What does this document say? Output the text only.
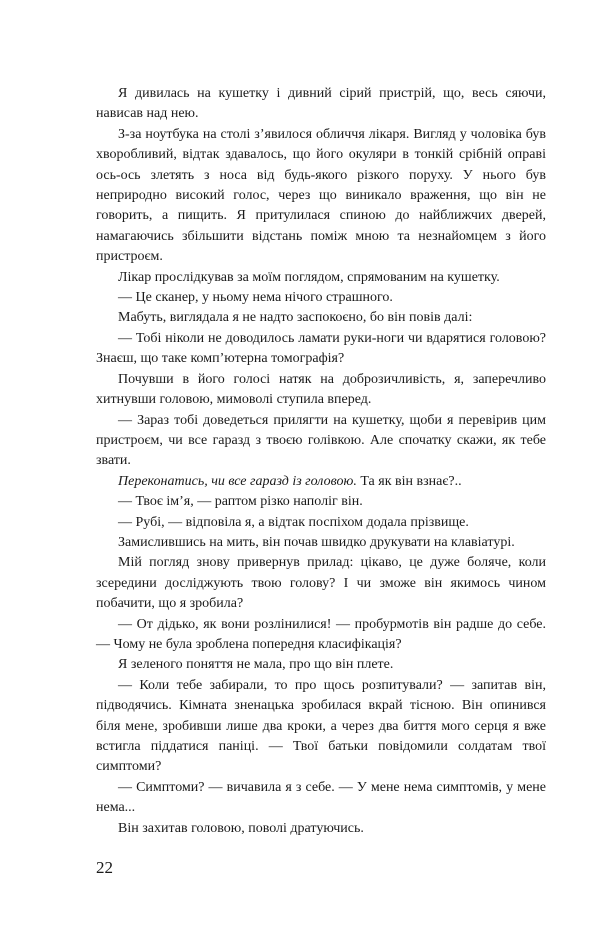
Я дивилась на кушетку і дивний сірий пристрій, що, весь сяючи, нависав над нею.

З-за ноутбука на столі з’явилося обличчя лікаря. Вигляд у чоловіка був хворобливий, відтак здавалось, що його окуляри в тонкій срібній оправі ось-ось злетять з носа від будь-якого різкого поруху. У нього був неприродно високий голос, через що виникало враження, що він не говорить, а пищить. Я притулилася спиною до найближчих дверей, намагаючись збільшити відстань поміж мною та незнайомцем з його пристроєм.

Лікар прослідкував за моїм поглядом, спрямованим на кушетку.

— Це сканер, у ньому нема нічого страшного.

Мабуть, виглядала я не надто заспокоєно, бо він повів далі:

— Тобі ніколи не доводилось ламати руки-ноги чи вдарятися головою? Знаєш, що таке комп’ютерна томографія?

Почувши в його голосі натяк на доброзичливість, я, заперечливо хитнувши головою, мимоволі ступила вперед.

— Зараз тобі доведеться прилягти на кушетку, щоби я перевірив цим пристроєм, чи все гаразд з твоєю голівкою. Але спочатку скажи, як тебе звати.

Переконатись, чи все гаразд із головою. Та як він взнає?..

— Твоє ім’я, — раптом різко наполіг він.

— Рубі, — відповіла я, а відтак поспіхом додала прізвище.

Замислившись на мить, він почав швидко друкувати на клавіатурі.

Мій погляд знову привернув прилад: цікаво, це дуже боляче, коли зсередини досліджують твою голову? І чи зможе він якимось чином побачити, що я зробила?

— От дідько, як вони розлінилися! — пробурмотів він радше до себе. — Чому не була зроблена попередня класифікація?

Я зеленого поняття не мала, про що він плете.

— Коли тебе забирали, то про щось розпитували? — запитав він, підводячись. Кімната зненацька зробилася вкрай тісною. Він опинився біля мене, зробивши лише два кроки, а через два биття мого серця я вже встигла піддатися паніці. — Твої батьки повідомили солдатам твої симптоми?

— Симптоми? — вичавила я з себе. — У мене нема симптомів, у мене нема...

Він захитав головою, поволі дратуючись.

22
